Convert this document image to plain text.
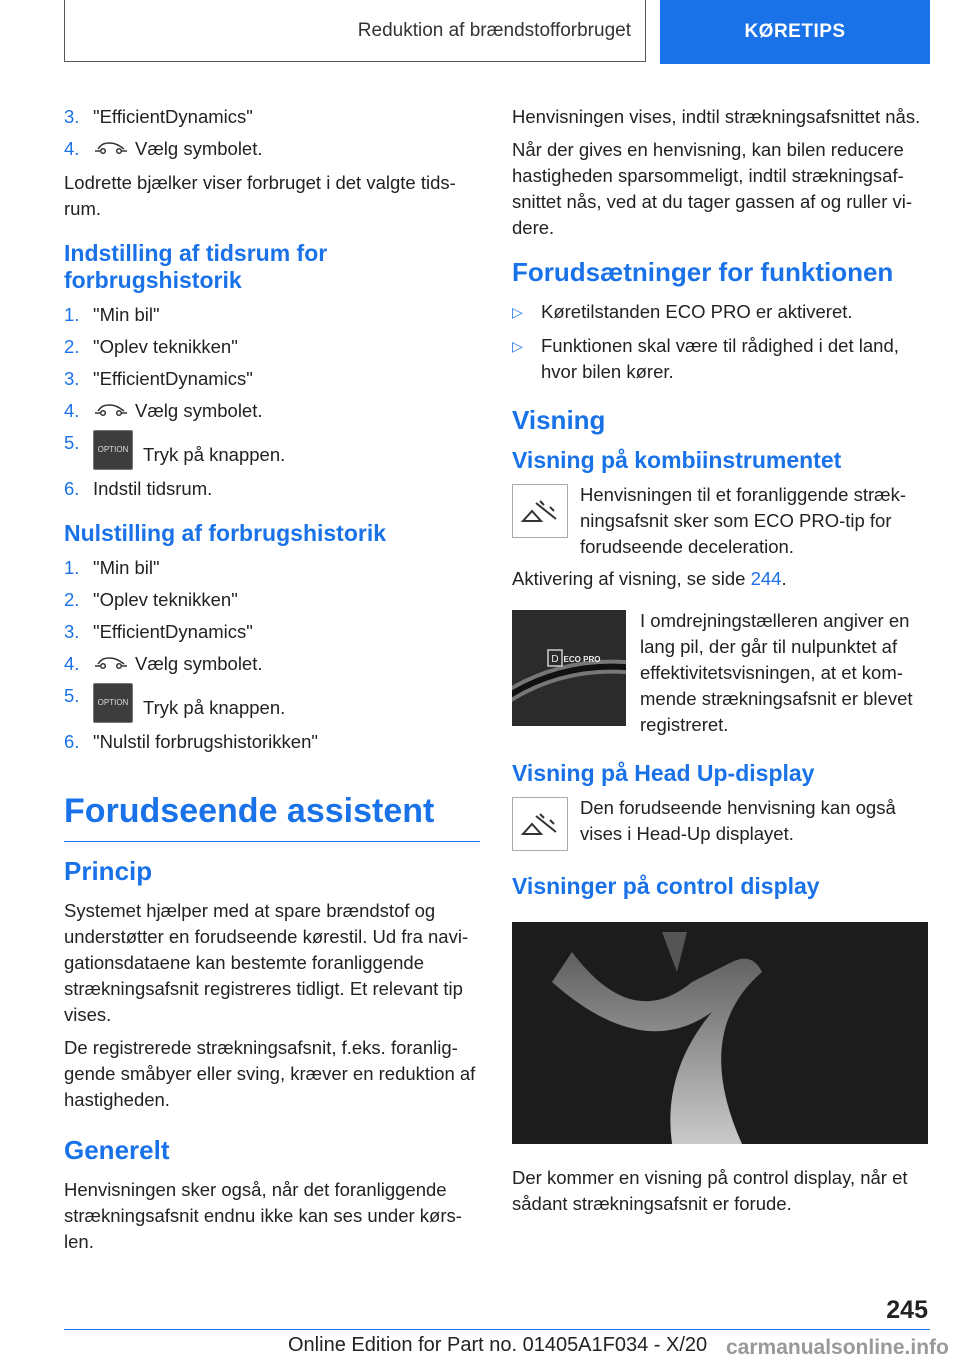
Reduktion af brændstofforbruget	KØRETIPS
3. "EfficientDynamics"
4.	Vælg symbolet.

Lodrette bjælker viser forbruget i det valgte tids-rum.

Indstilling af tidsrum for forbrugshistorik
1. "Min bil"
2. "Oplev teknikken"
3. "EfficientDynamics"
4.	Vælg symbolet.
5.	OPTION Tryk på knappen.
6. Indstil tidsrum.
Nulstilling af forbrugshistorik
1. "Min bil"
2. "Oplev teknikken"
3. "EfficientDynamics"
4.	Vælg symbolet.
5.	OPTION Tryk på knappen.
6. "Nulstil forbrugshistorikken"
Forudseende assistent
Princip

Systemet hjælper med at spare brændstof og understøtter en forudseende kørestil. Ud fra navi-gationsdataene kan bestemte foranliggende strækningsafsnit registreres tidligt. Et relevant tip vises.

De registrerede strækningsafsnit, f.eks. foranlig-gende småbyer eller sving, kræver en reduktion af hastigheden.

Generelt

Henvisningen sker også, når det foranliggende strækningsafsnit endnu ikke kan ses under kørs-len.

Henvisningen vises, indtil strækningsafsnittet nås.

Når der gives en henvisning, kan bilen reducere hastigheden sparsommeligt, indtil strækningsaf-snittet nås, ved at du tager gassen af og ruller vi-dere.

Forudsætninger for funktionen
▷ Køretilstanden ECO PRO er aktiveret.
▷ Funktionen skal være til rådighed i det land, hvor bilen kører.
Visning
Visning på kombiinstrumentet

Henvisningen til et foranliggende stræk-ningsafsnit sker som ECO PRO-tip for forudseende deceleration.

Aktivering af visning, se side 244.

D ECO PRO

I omdrejningstælleren angiver en lang pil, der går til nulpunktet af effektivitetsvisningen, at et kom-mende strækningsafsnit er blevet registreret.

Visning på Head Up-display

Den forudseende henvisning kan også vises i Head-Up displayet.

Visninger på control display

Der kommer en visning på control display, når et sådant strækningsafsnit er forude.

245
Online Edition for Part no. 01405A1F034 - X/20 carmanualsonline.info
